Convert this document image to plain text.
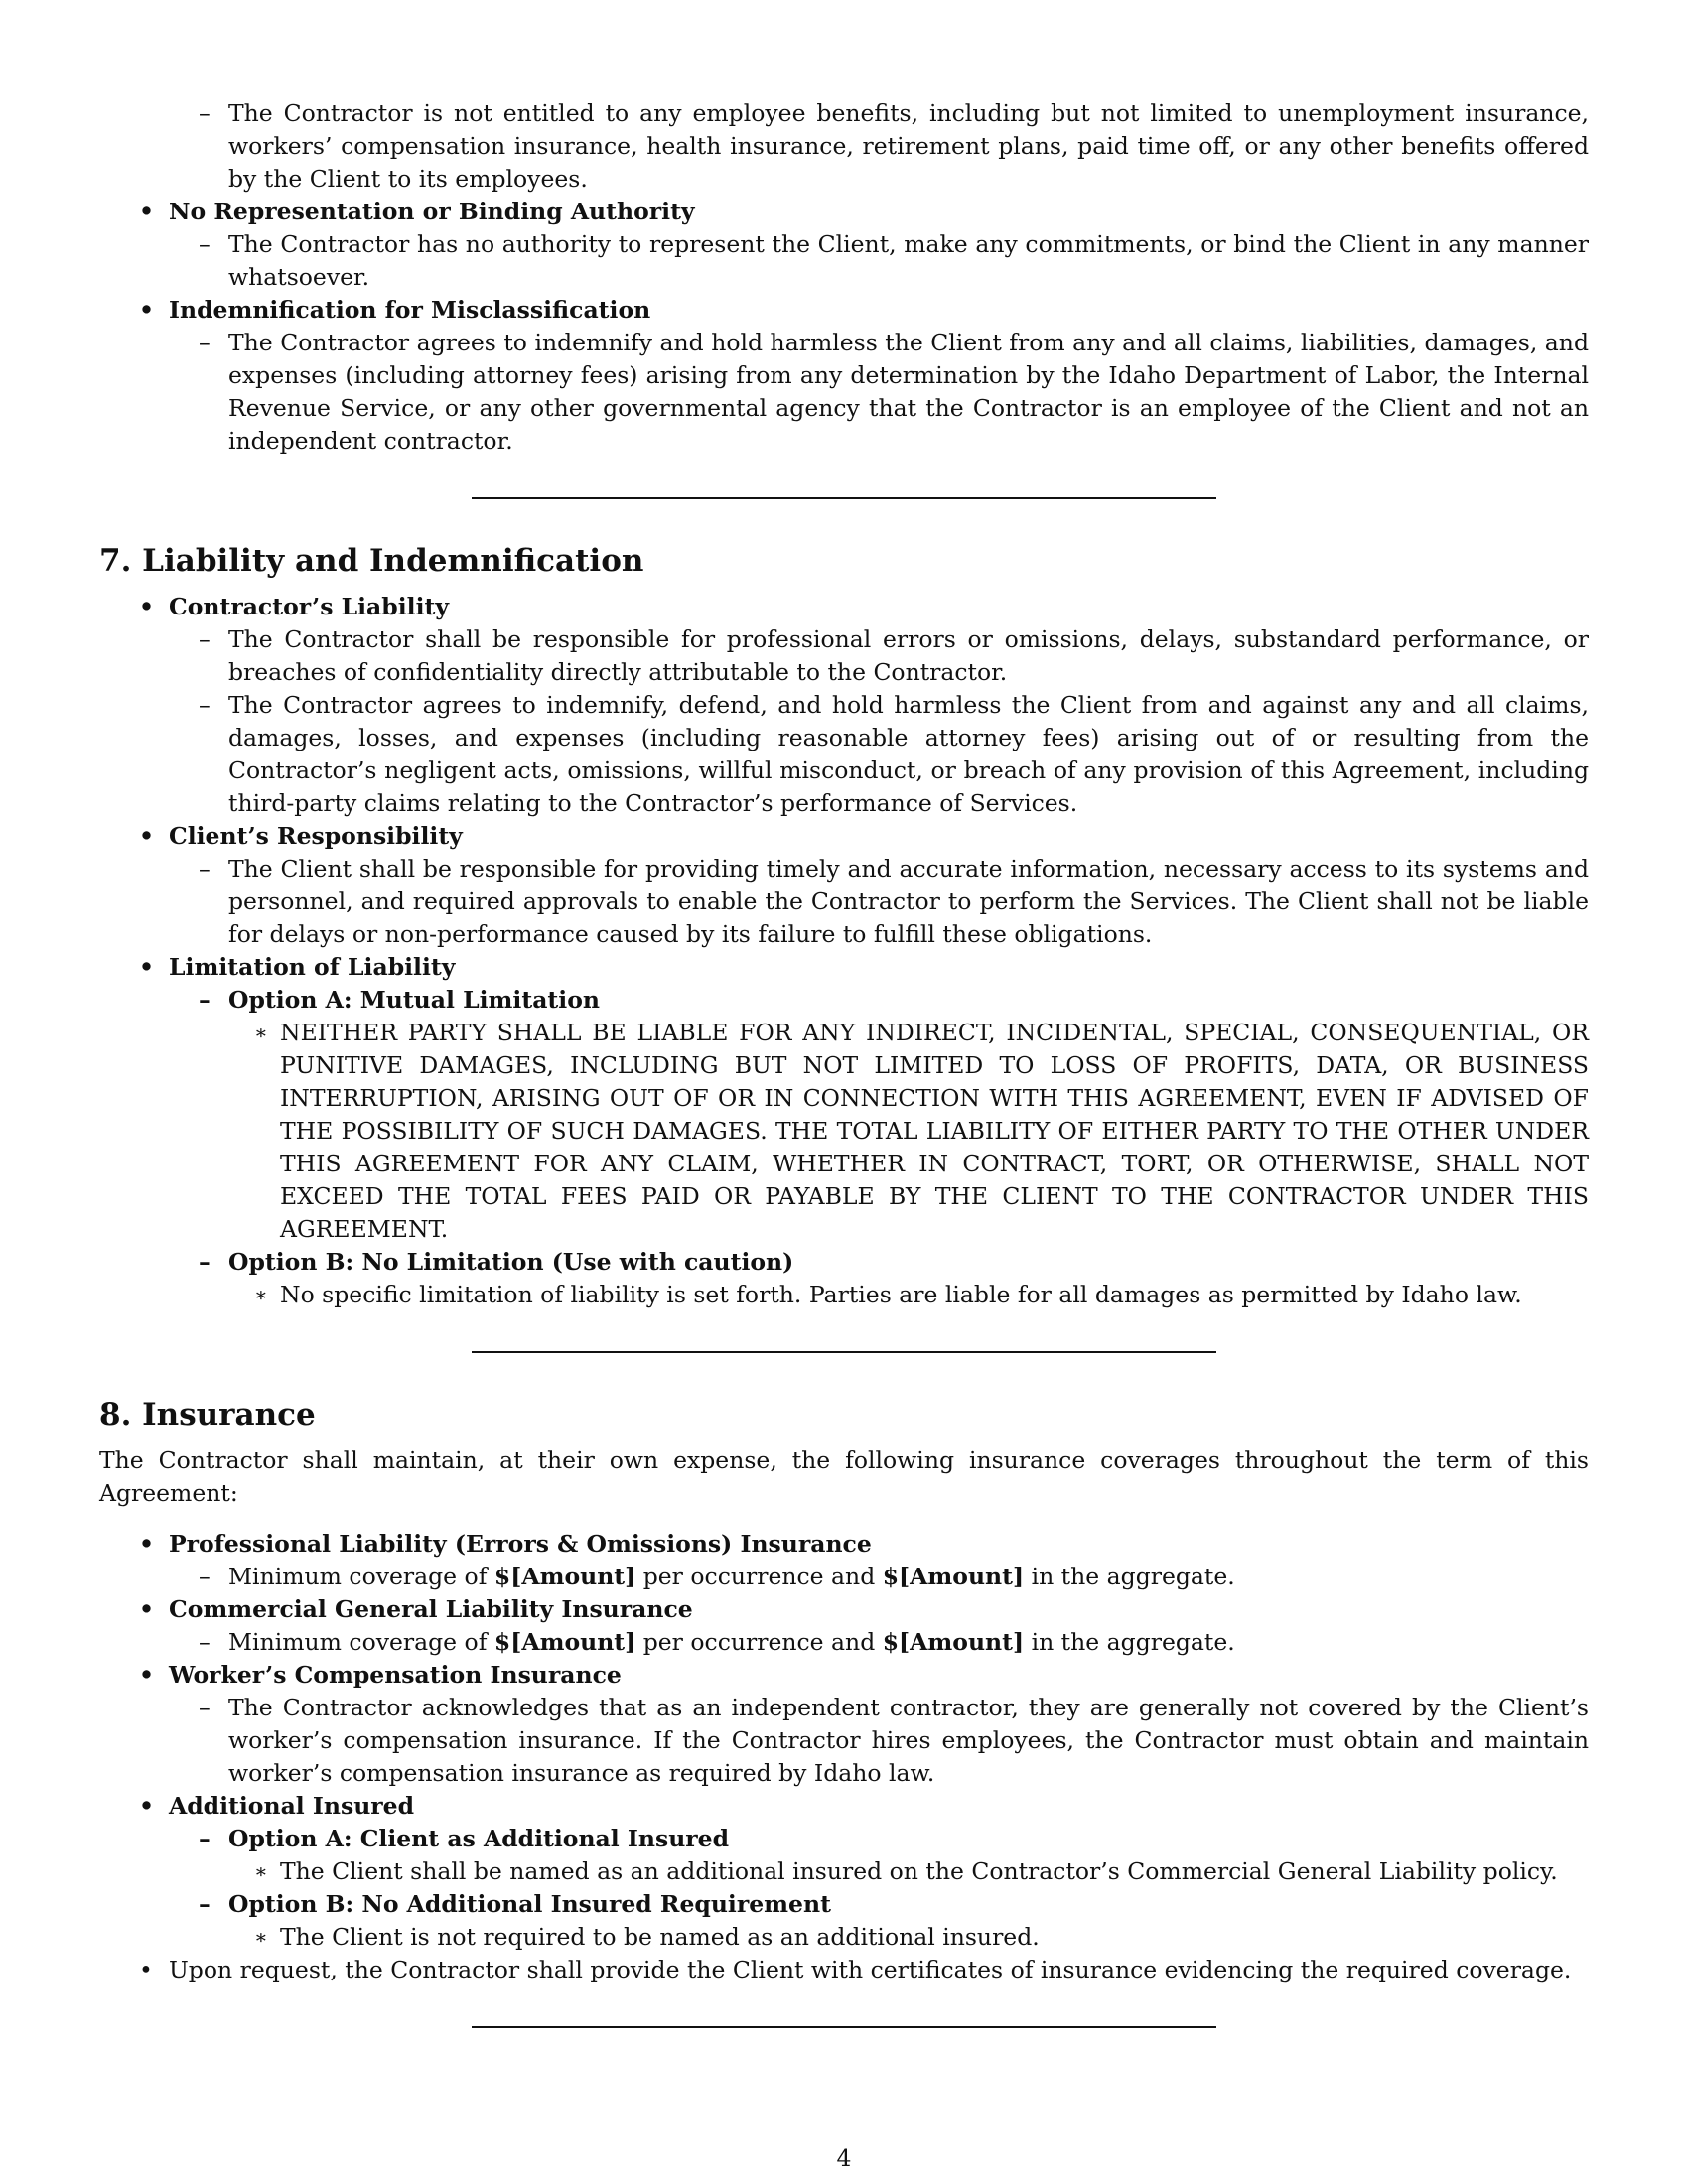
– The Contractor is not entitled to any employee benefits, including but not limited to unemployment insurance, workers’ compensation insurance, health insurance, retirement plans, paid time off, or any other benefits offered by the Client to its employees.
• No Representation or Binding Authority
– The Contractor has no authority to represent the Client, make any commitments, or bind the Client in any manner whatsoever.
• Indemnification for Misclassification
– The Contractor agrees to indemnify and hold harmless the Client from any and all claims, liabilities, damages, and expenses (including attorney fees) arising from any determination by the Idaho Department of Labor, the Internal Revenue Service, or any other governmental agency that the Contractor is an employee of the Client and not an independent contractor.
7. Liability and Indemnification
• Contractor’s Liability
– The Contractor shall be responsible for professional errors or omissions, delays, substandard performance, or breaches of confidentiality directly attributable to the Contractor.
– The Contractor agrees to indemnify, defend, and hold harmless the Client from and against any and all claims, damages, losses, and expenses (including reasonable attorney fees) arising out of or resulting from the Contractor’s negligent acts, omissions, willful misconduct, or breach of any provision of this Agreement, including third-party claims relating to the Contractor’s performance of Services.
• Client’s Responsibility
– The Client shall be responsible for providing timely and accurate information, necessary access to its systems and personnel, and required approvals to enable the Contractor to perform the Services. The Client shall not be liable for delays or non-performance caused by its failure to fulfill these obligations.
• Limitation of Liability
– Option A: Mutual Limitation
∗ NEITHER PARTY SHALL BE LIABLE FOR ANY INDIRECT, INCIDENTAL, SPECIAL, CONSEQUENTIAL, OR PUNITIVE DAMAGES, INCLUDING BUT NOT LIMITED TO LOSS OF PROFITS, DATA, OR BUSINESS INTERRUPTION, ARISING OUT OF OR IN CONNECTION WITH THIS AGREEMENT, EVEN IF ADVISED OF THE POSSIBILITY OF SUCH DAMAGES. THE TOTAL LIABILITY OF EITHER PARTY TO THE OTHER UNDER THIS AGREEMENT FOR ANY CLAIM, WHETHER IN CONTRACT, TORT, OR OTHERWISE, SHALL NOT EXCEED THE TOTAL FEES PAID OR PAYABLE BY THE CLIENT TO THE CONTRACTOR UNDER THIS AGREEMENT.
– Option B: No Limitation (Use with caution)
∗ No specific limitation of liability is set forth. Parties are liable for all damages as permitted by Idaho law.
8. Insurance
The Contractor shall maintain, at their own expense, the following insurance coverages throughout the term of this Agreement:
• Professional Liability (Errors & Omissions) Insurance
– Minimum coverage of $[Amount] per occurrence and $[Amount] in the aggregate.
• Commercial General Liability Insurance
– Minimum coverage of $[Amount] per occurrence and $[Amount] in the aggregate.
• Worker’s Compensation Insurance
– The Contractor acknowledges that as an independent contractor, they are generally not covered by the Client’s worker’s compensation insurance. If the Contractor hires employees, the Contractor must obtain and maintain worker’s compensation insurance as required by Idaho law.
• Additional Insured
– Option A: Client as Additional Insured
∗ The Client shall be named as an additional insured on the Contractor’s Commercial General Liability policy.
– Option B: No Additional Insured Requirement
∗ The Client is not required to be named as an additional insured.
• Upon request, the Contractor shall provide the Client with certificates of insurance evidencing the required coverage.
4
